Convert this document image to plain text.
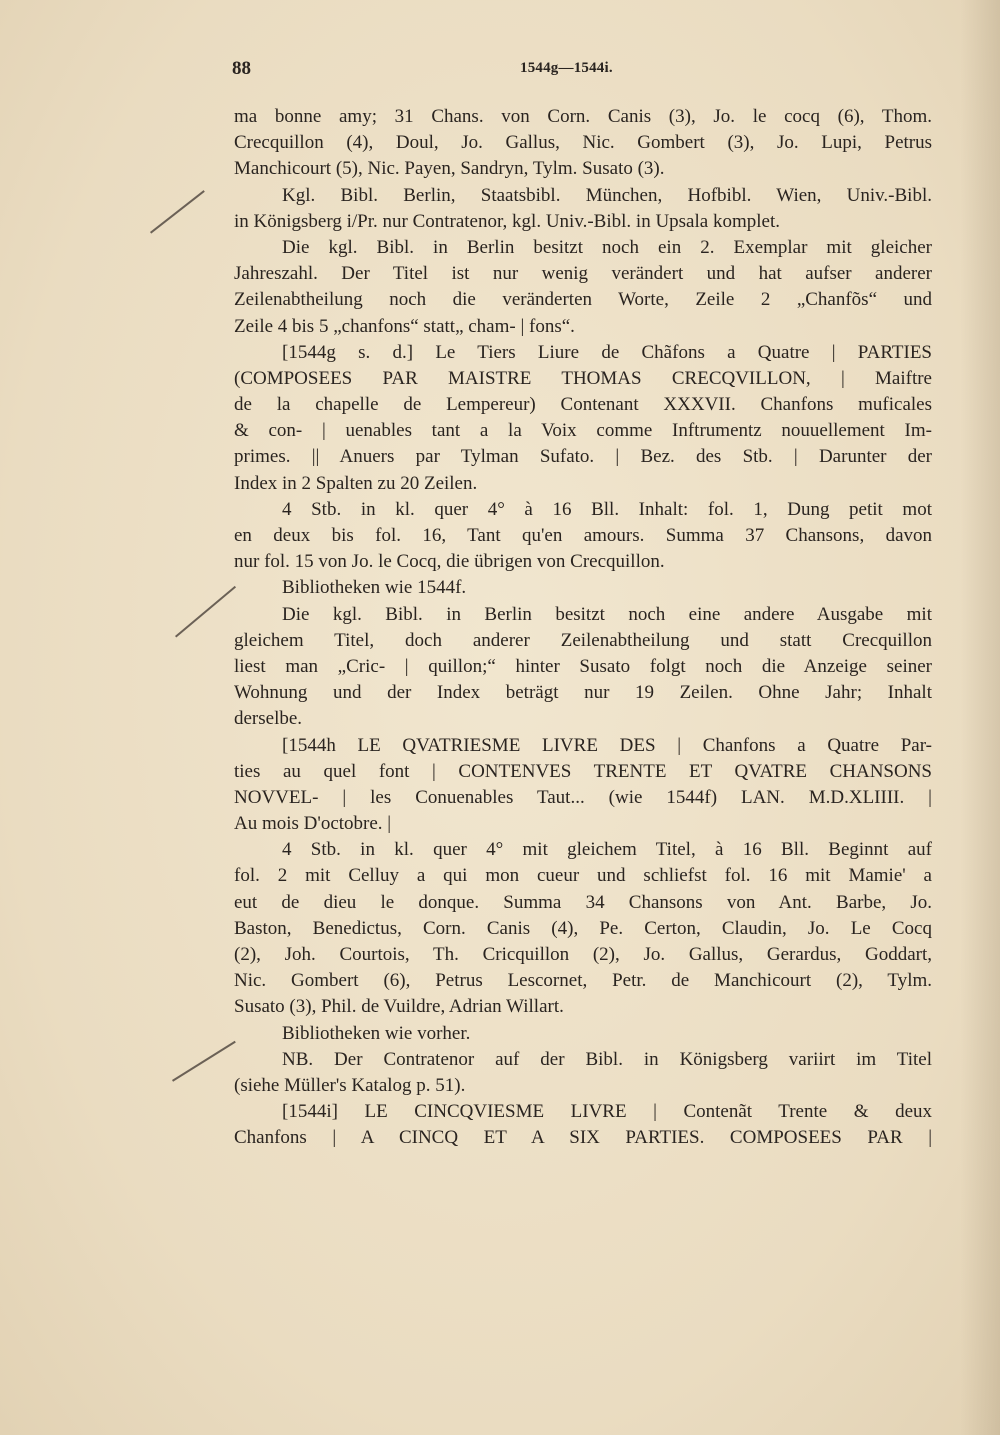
88	1544g—1544i.
ma bonne amy; 31 Chans. von Corn. Canis (3), Jo. le cocq (6), Thom.
Crecquillon (4), Doul, Jo. Gallus, Nic. Gombert (3), Jo. Lupi, Petrus
Manchicourt (5), Nic. Payen, Sandryn, Tylm. Susato (3).
Kgl. Bibl. Berlin, Staatsbibl. München, Hofbibl. Wien, Univ.-Bibl.
in Königsberg i/Pr. nur Contratenor, kgl. Univ.-Bibl. in Upsala komplet.
Die kgl. Bibl. in Berlin besitzt noch ein 2. Exemplar mit gleicher
Jahreszahl. Der Titel ist nur wenig verändert und hat aufser anderer
Zeilenabtheilung noch die veränderten Worte, Zeile 2 „Chanfõs“ und
Zeile 4 bis 5 „chanfons“ statt„ cham- | fons“.
[1544g s. d.] Le Tiers Liure de Chãfons a Quatre | PARTIES
(COMPOSEES PAR MAISTRE THOMAS CRECQVILLON, | Maiftre
de la chapelle de Lempereur) Contenant XXXVII. Chanfons muficales
& con- | uenables tant a la Voix comme Inftrumentz nouuellement Im-
primes. || Anuers par Tylman Sufato. | Bez. des Stb. | Darunter der
Index in 2 Spalten zu 20 Zeilen.
4 Stb. in kl. quer 4° à 16 Bll. Inhalt: fol. 1, Dung petit mot
en deux bis fol. 16, Tant qu'en amours. Summa 37 Chansons, davon
nur fol. 15 von Jo. le Cocq, die übrigen von Crecquillon.
Bibliotheken wie 1544f.
Die kgl. Bibl. in Berlin besitzt noch eine andere Ausgabe mit
gleichem Titel, doch anderer Zeilenabtheilung und statt Crecquillon
liest man „Cric- | quillon;“ hinter Susato folgt noch die Anzeige seiner
Wohnung und der Index beträgt nur 19 Zeilen. Ohne Jahr; Inhalt
derselbe.
[1544h LE QVATRIESME LIVRE DES | Chanfons a Quatre Par-
ties au quel font | CONTENVES TRENTE ET QVATRE CHANSONS
NOVVEL- | les Conuenables Taut... (wie 1544f) LAN. M.D.XLIIII. |
Au mois D'octobre. |
4 Stb. in kl. quer 4° mit gleichem Titel, à 16 Bll. Beginnt auf
fol. 2 mit Celluy a qui mon cueur und schliefst fol. 16 mit Mamie' a
eut de dieu le donque. Summa 34 Chansons von Ant. Barbe, Jo.
Baston, Benedictus, Corn. Canis (4), Pe. Certon, Claudin, Jo. Le Cocq
(2), Joh. Courtois, Th. Cricquillon (2), Jo. Gallus, Gerardus, Goddart,
Nic. Gombert (6), Petrus Lescornet, Petr. de Manchicourt (2), Tylm.
Susato (3), Phil. de Vuildre, Adrian Willart.
Bibliotheken wie vorher.
NB. Der Contratenor auf der Bibl. in Königsberg variirt im Titel
(siehe Müller's Katalog p. 51).
[1544i] LE CINCQVIESME LIVRE | Contenãt Trente & deux
Chanfons | A CINCQ ET A SIX PARTIES. COMPOSEES PAR |
